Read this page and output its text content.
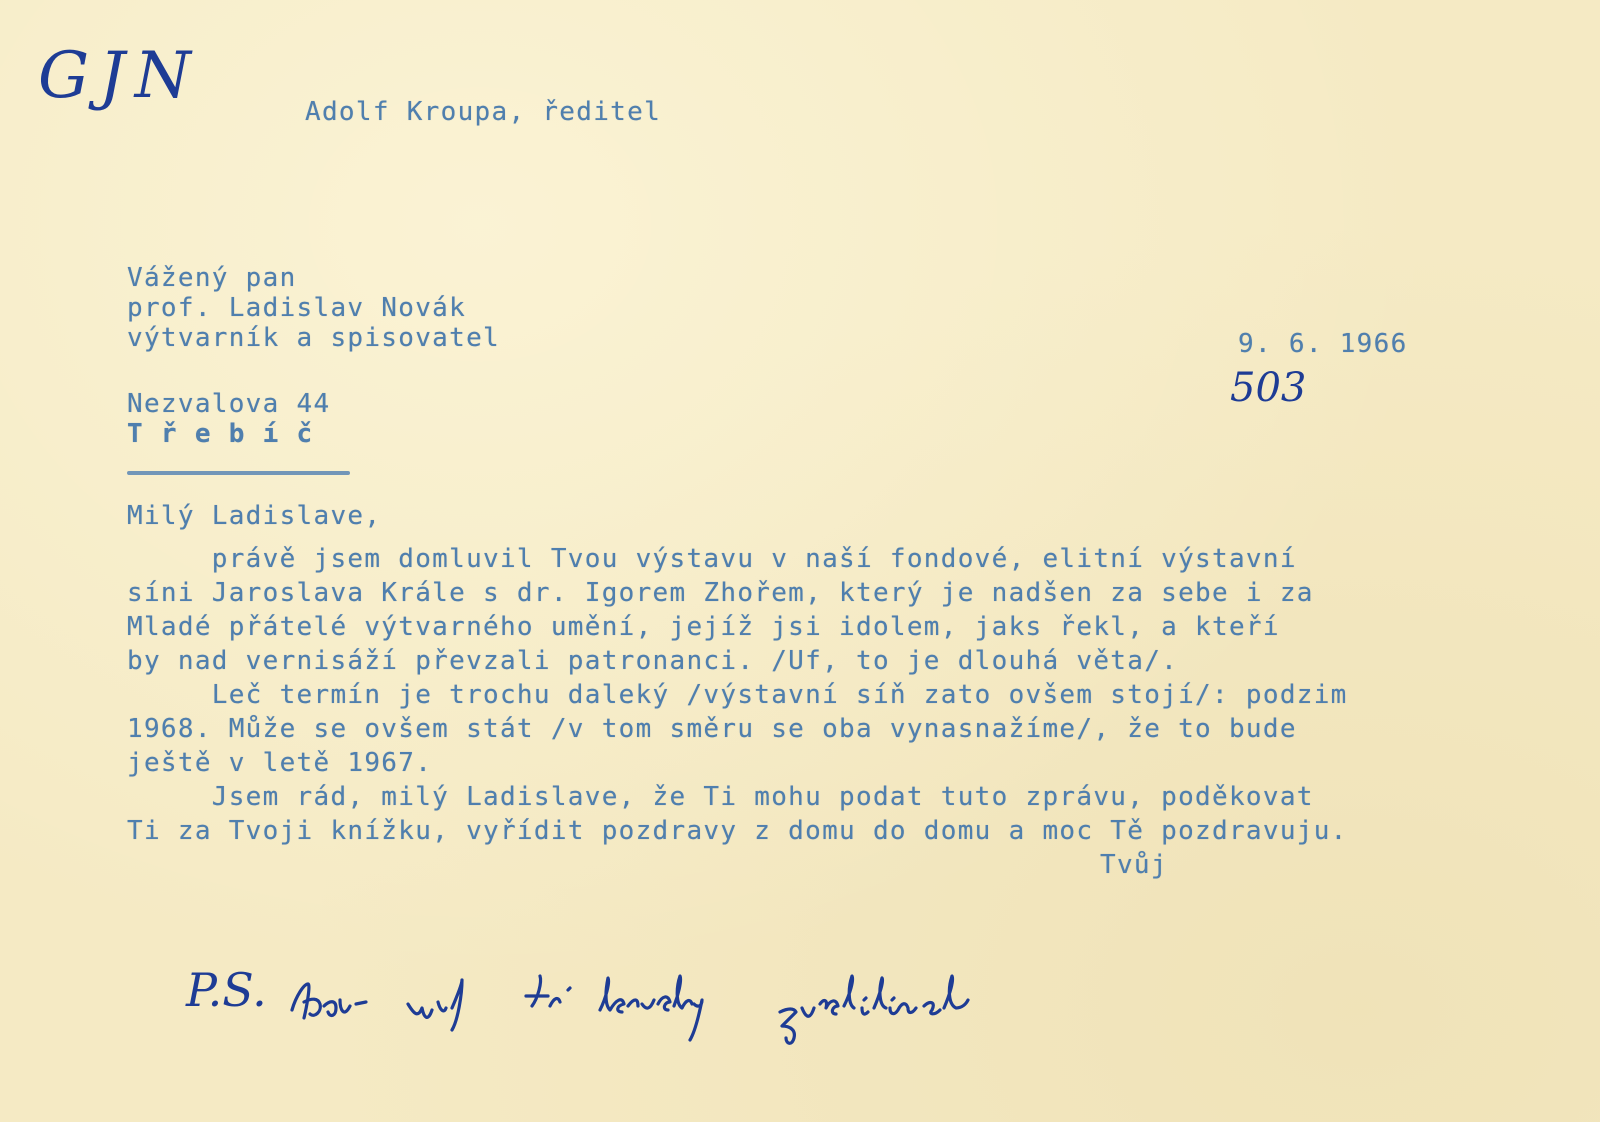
GJN	Adolf Kroupa, ředitel
Vážený pan
prof. Ladislav Novák
výtvarník a spisovatel
Nezvalova 44
T ř e b í č
9. 6. 1966
503
Milý Ladislave,
právě jsem domluvil Tvou výstavu v naší fondové, elitní výstavní
síni Jaroslava Krále s dr. Igorem Zhořem, který je nadšen za sebe i za
Mladé přátelé výtvarného umění, jejíž jsi idolem, jaks řekl, a kteří
by nad vernisáží převzali patronanci. /Uf, to je dlouhá věta/.
Leč termín je trochu daleký /výstavní síň zato ovšem stojí/: podzim
1968. Může se ovšem stát /v tom směru se oba vynasnažíme/, že to bude
ještě v letě 1967.
Jsem rád, milý Ladislave, že Ti mohu podat tuto zprávu, poděkovat
Ti za Tvoji knížku, vyřídit pozdravy z domu do domu a moc Tě pozdravuju.
Tvůj
P.S.
